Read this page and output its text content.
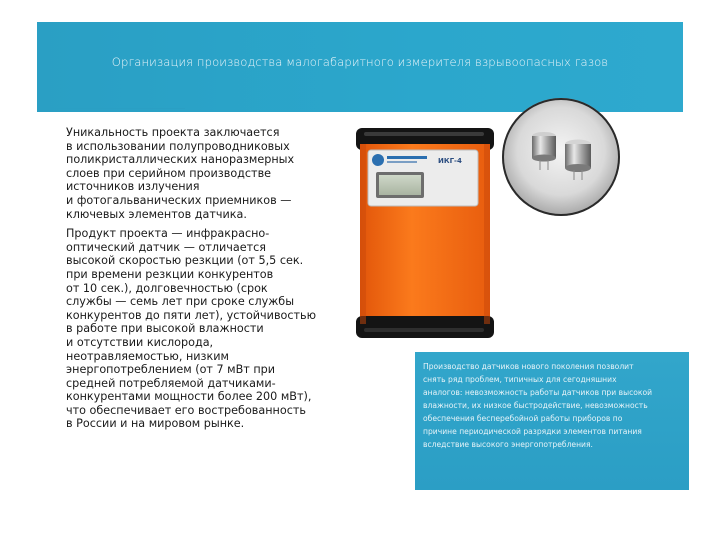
Организация производства малогабаритного измерителя взрывоопасных газов

Уникальность проекта заключается
в использовании полупроводниковых
поликристаллических наноразмерных
слоев при серийном производстве
источников излучения
и фотогальванических приемников —
ключевых элементов датчика.

Продукт проекта — инфракрасно-
оптический датчик — отличается
высокой скоростью резкции (от 5,5 сек.
при времени резкции конкурентов
от 10 сек.), долговечностью (срок
службы — семь лет при сроке службы
конкурентов до пяти лет), устойчивостью
в работе при высокой влажности
и отсутствии кислорода,
неотравляемостью, низким
энергопотреблением (от 7 мВт при
средней потребляемой датчиками-
конкурентами мощности более 200 мВт),
что обеспечивает его востребованность
в России и на мировом рынке.

ИКГ-4
Производство датчиков нового поколения позволит
снять ряд проблем, типичных для сегодняшних
аналогов: невозможность работы датчиков при высокой
влажности, их низкое быстродействие, невозможность
обеспечения бесперебойной работы приборов по
причине периодической разрядки элементов питания
вследствие высокого энергопотребления.
